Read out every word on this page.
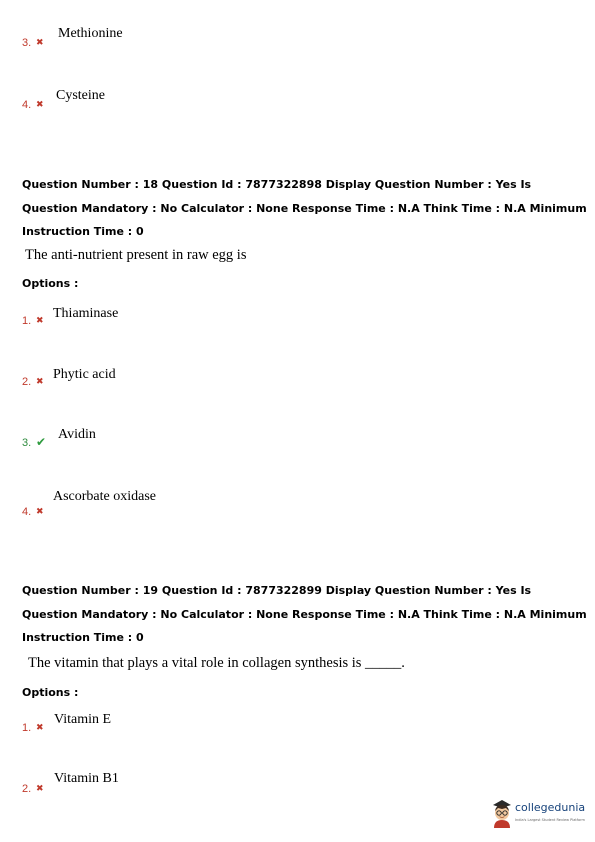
3. ✖
Methionine
4. ✖
Cysteine
Question Number : 18 Question Id : 7877322898 Display Question Number : Yes Is Question Mandatory : No Calculator : None Response Time : N.A Think Time : N.A Minimum Instruction Time : 0
The anti-nutrient present in raw egg is
Options :
1. ✖ Thiaminase
2. ✖ Phytic acid
3. ✔ Avidin
4. ✖
Ascorbate oxidase
Question Number : 19 Question Id : 7877322899 Display Question Number : Yes Is Question Mandatory : No Calculator : None Response Time : N.A Think Time : N.A Minimum Instruction Time : 0
The vitamin that plays a vital role in collagen synthesis is _____.
Options :
1. ✖ Vitamin E
2. ✖
Vitamin B1
collegedunia
India's Largest Student Review Platform
